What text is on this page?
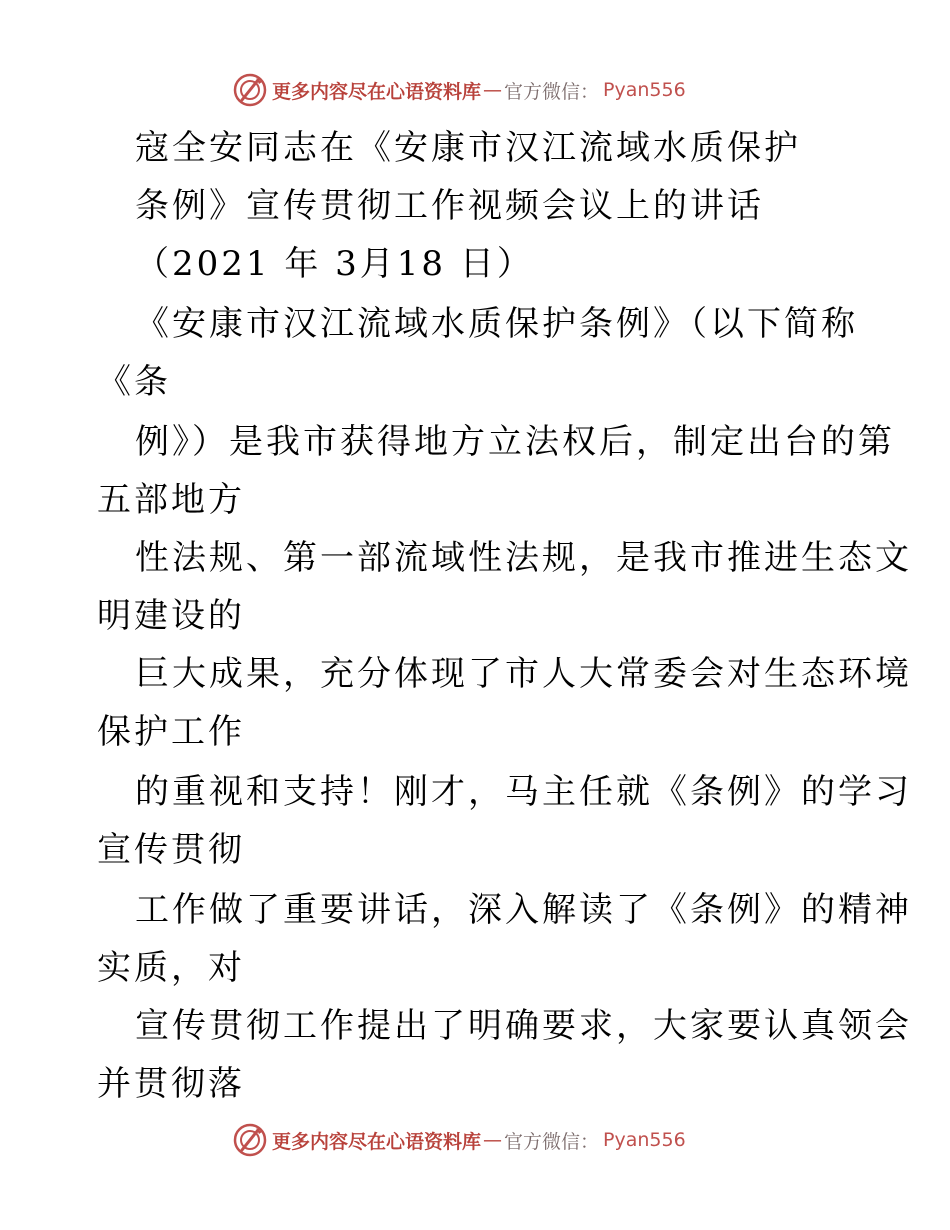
更多内容尽在心语资料库 — 官方微信： Pyan556
寇全安同志在《安康市汉江流域水质保护
条例》宣传贯彻工作视频会议上的讲话
（2021 年 3月18 日）
《安康市汉江流域水质保护条例》（以下简称
《条
例》）是我市获得地方立法权后，制定出台的第
五部地方
性法规、第一部流域性法规，是我市推进生态文
明建设的
巨大成果，充分体现了市人大常委会对生态环境
保护工作
的重视和支持！刚才，马主任就《条例》的学习
宣传贯彻
工作做了重要讲话，深入解读了《条例》的精神
实质，对
宣传贯彻工作提出了明确要求，大家要认真领会
并贯彻落
更多内容尽在心语资料库 — 官方微信： Pyan556
